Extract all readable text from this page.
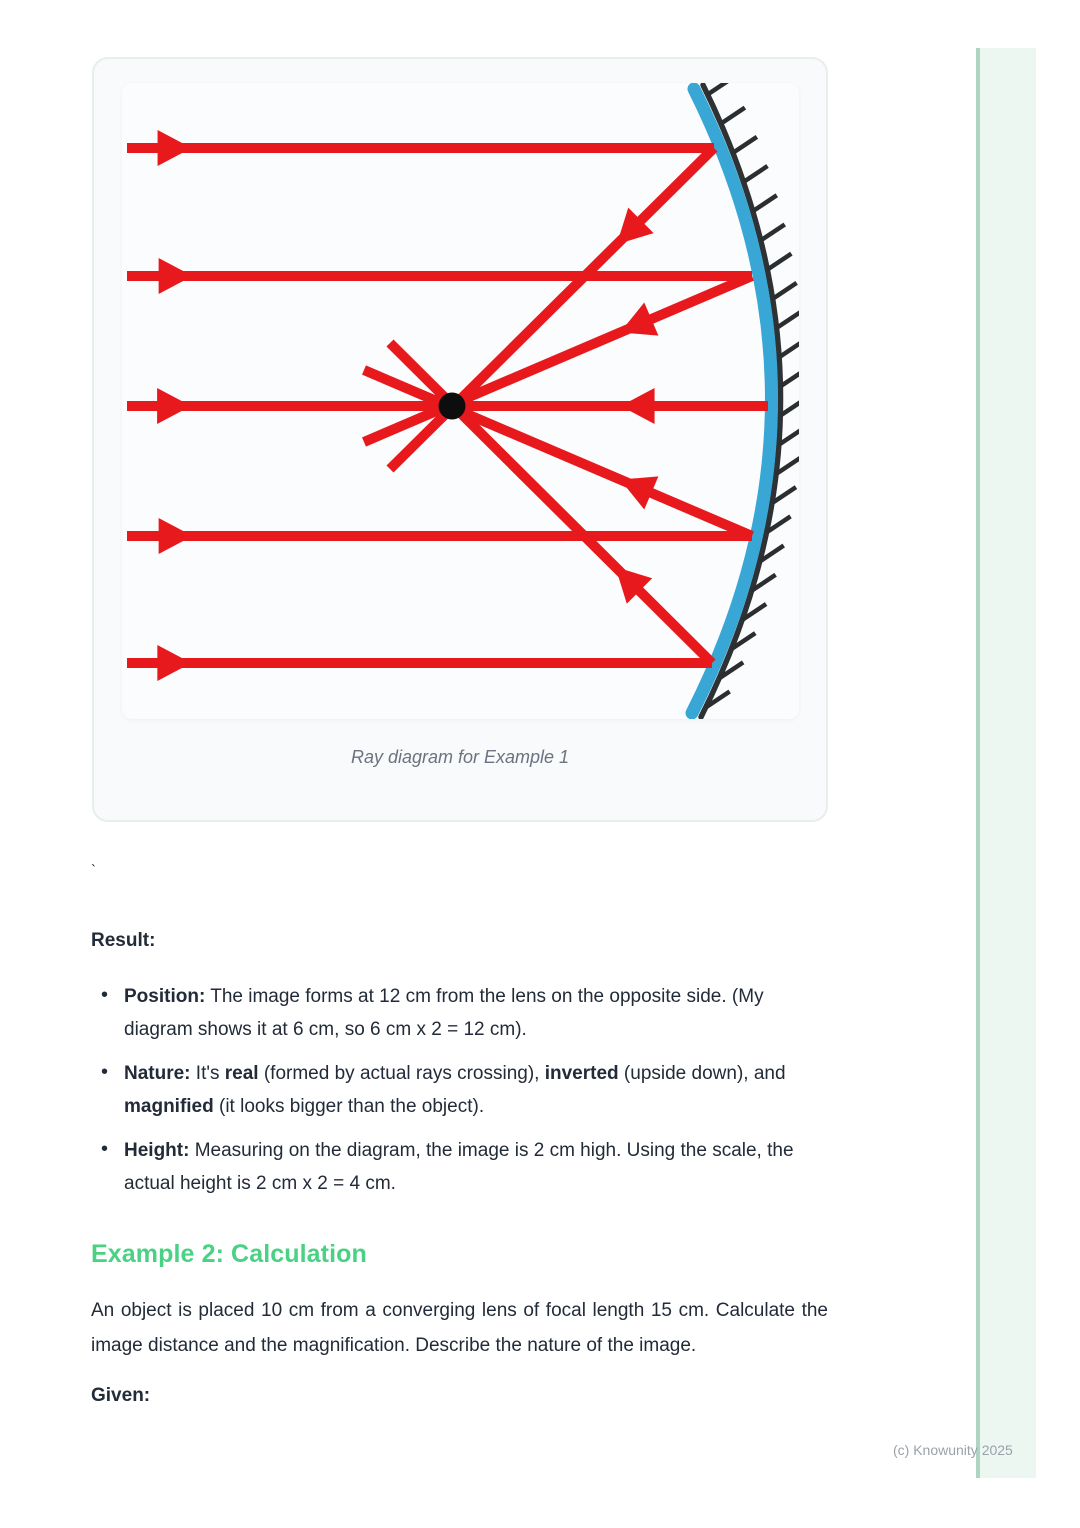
Ray diagram for Example 1
`
Result:
• Position: The image forms at 12 cm from the lens on the opposite side. (My diagram shows it at 6 cm, so 6 cm x 2 = 12 cm).
• Nature: It's real (formed by actual rays crossing), inverted (upside down), and magnified (it looks bigger than the object).
• Height: Measuring on the diagram, the image is 2 cm high. Using the scale, the actual height is 2 cm x 2 = 4 cm.
Example 2: Calculation

An object is placed 10 cm from a converging lens of focal length 15 cm. Calculate the image distance and the magnification. Describe the nature of the image.

Given:
(c) Knowunity 2025
